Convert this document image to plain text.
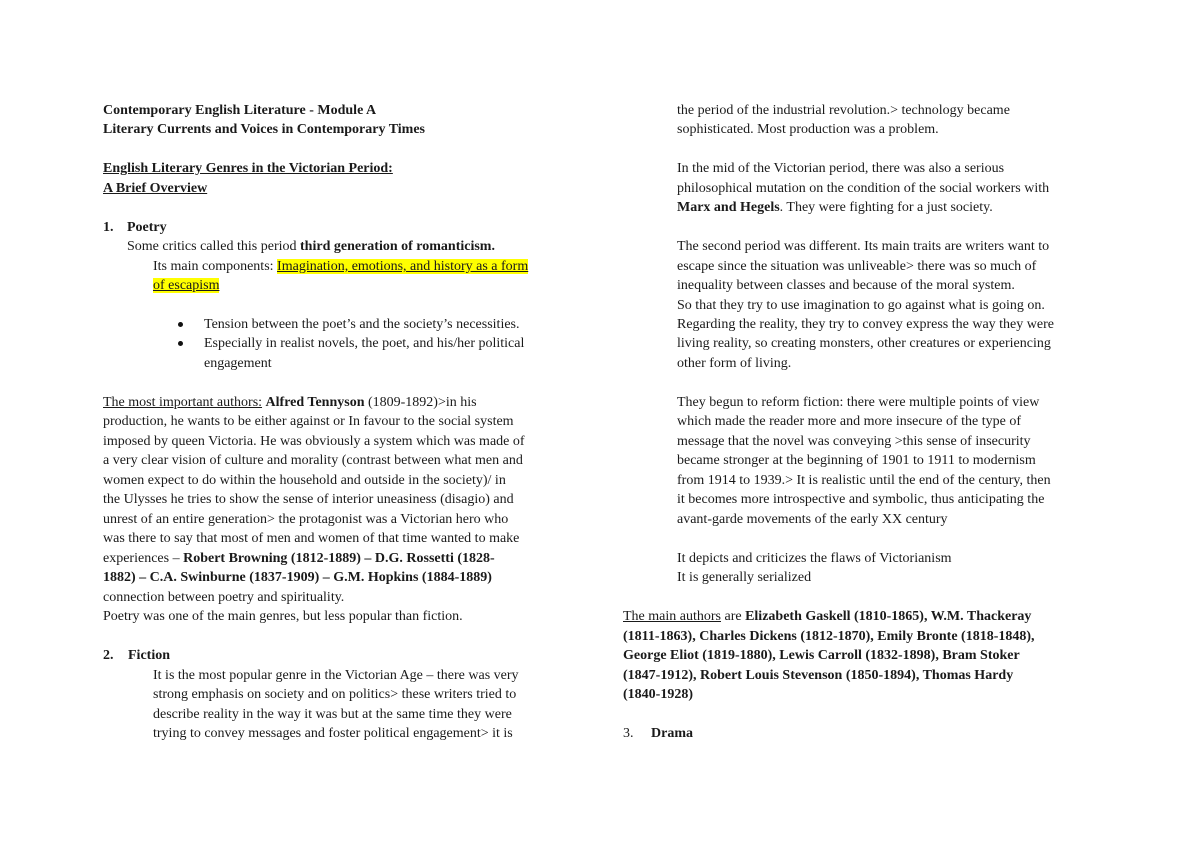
Contemporary English Literature - Module A
Literary Currents and Voices in Contemporary Times
English Literary Genres in the Victorian Period:
A Brief Overview
1. Poetry
Some critics called this period third generation of romanticism.
Its main components: Imagination, emotions, and history as a form
of escapism
Tension between the poet’s and the society’s necessities.
Especially in realist novels, the poet, and his/her political
engagement
The most important authors: Alfred Tennyson (1809-1892)>in his
production, he wants to be either against or In favour to the social system
imposed by queen Victoria. He was obviously a system which was made of
a very clear vision of culture and morality (contrast between what men and
women expect to do within the household and outside in the society)/ in
the Ulysses he tries to show the sense of interior uneasiness (disagio) and
unrest of an entire generation> the protagonist was a Victorian hero who
was there to say that most of men and women of that time wanted to make
experiences – Robert Browning (1812-1889) – D.G. Rossetti (1828-
1882) – C.A. Swinburne (1837-1909) – G.M. Hopkins (1884-1889)
connection between poetry and spirituality.
Poetry was one of the main genres, but less popular than fiction.
2. Fiction
It is the most popular genre in the Victorian Age – there was very
strong emphasis on society and on politics> these writers tried to
describe reality in the way it was but at the same time they were
trying to convey messages and foster political engagement> it is
the period of the industrial revolution.> technology became
sophisticated. Most production was a problem.
In the mid of the Victorian period, there was also a serious
philosophical mutation on the condition of the social workers with
Marx and Hegels. They were fighting for a just society.
The second period was different. Its main traits are writers want to
escape since the situation was unliveable> there was so much of
inequality between classes and because of the moral system.
So that they try to use imagination to go against what is going on.
Regarding the reality, they try to convey express the way they were
living reality, so creating monsters, other creatures or experiencing
other form of living.
They begun to reform fiction: there were multiple points of view
which made the reader more and more insecure of the type of
message that the novel was conveying >this sense of insecurity
became stronger at the beginning of 1901 to 1911 to modernism
from 1914 to 1939.> It is realistic until the end of the century, then
it becomes more introspective and symbolic, thus anticipating the
avant-garde movements of the early XX century
It depicts and criticizes the flaws of Victorianism
It is generally serialized
The main authors are Elizabeth Gaskell (1810-1865), W.M. Thackeray
(1811-1863), Charles Dickens (1812-1870), Emily Bronte (1818-1848),
George Eliot (1819-1880), Lewis Carroll (1832-1898), Bram Stoker
(1847-1912), Robert Louis Stevenson (1850-1894), Thomas Hardy
(1840-1928)
3. Drama
